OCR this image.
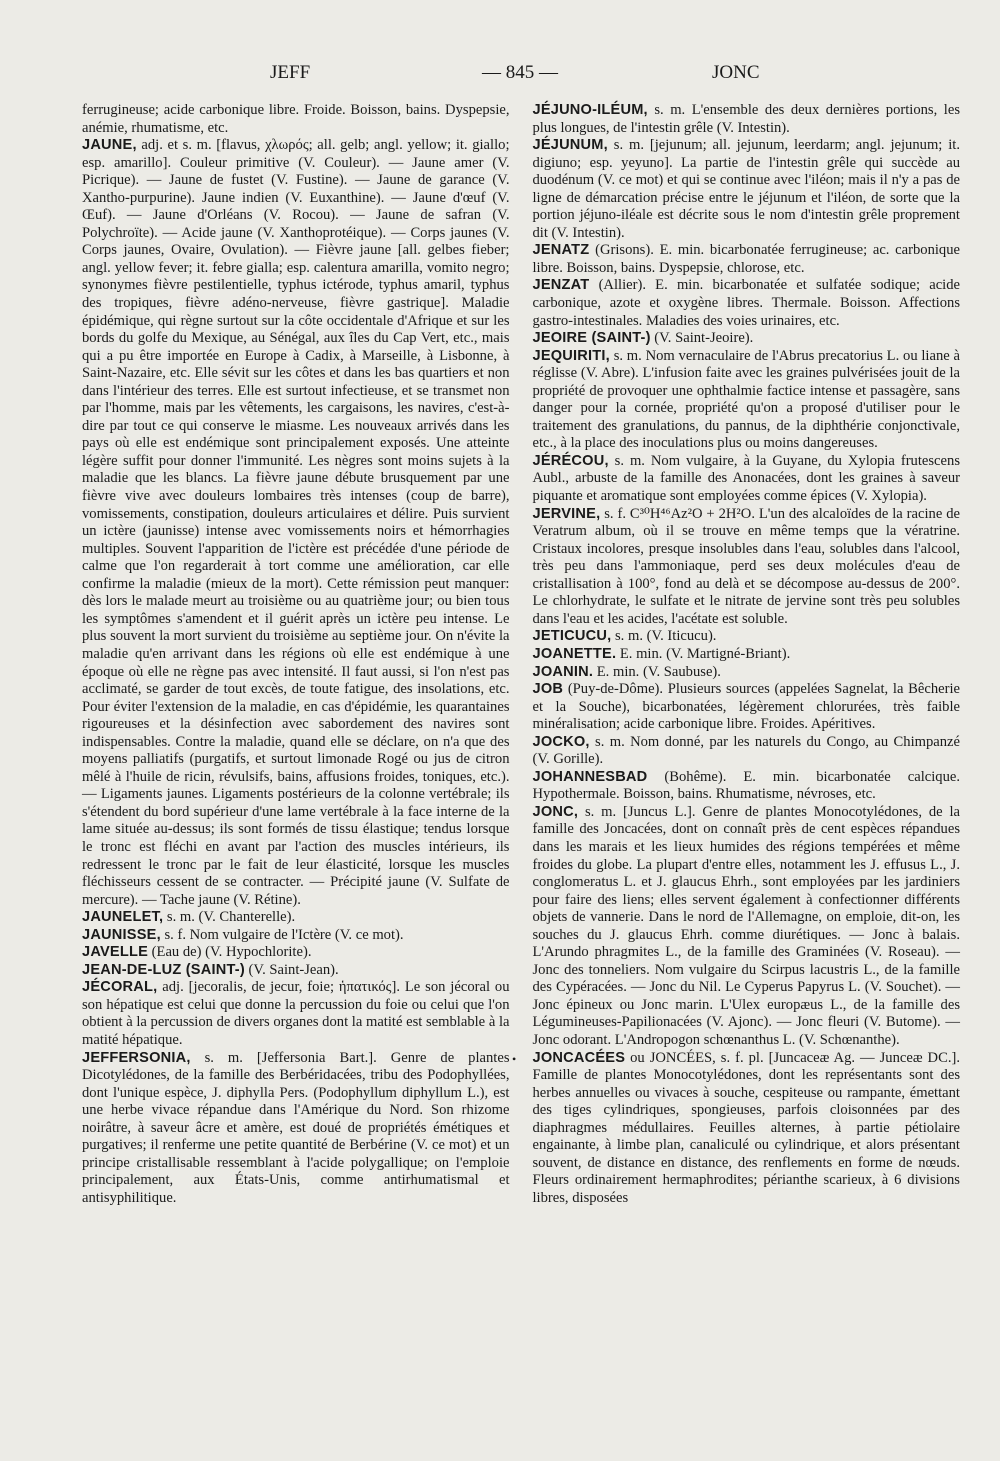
JEFF	— 845 —	JONC

ferrugineuse; acide carbonique libre. Froide. Boisson, bains. Dyspepsie, anémie, rhumatisme, etc.

JAUNE, adj. et s. m. [flavus, χλωρός; all. gelb; angl. yellow; it. giallo; esp. amarillo]. Couleur primitive (V. Couleur). — Jaune amer (V. Picrique). — Jaune de fustet (V. Fustine). — Jaune de garance (V. Xantho-purpurine). Jaune indien (V. Euxanthine). — Jaune d'œuf (V. Œuf). — Jaune d'Orléans (V. Rocou). — Jaune de safran (V. Polychroïte). — Acide jaune (V. Xanthoprotéique). — Corps jaunes (V. Corps jaunes, Ovaire, Ovulation). — Fièvre jaune [all. gelbes fieber; angl. yellow fever; it. febre gialla; esp. calentura amarilla, vomito negro; synonymes fièvre pestilentielle, typhus ictérode, typhus amaril, typhus des tropiques, fièvre adéno-nerveuse, fièvre gastrique]. Maladie épidémique, qui règne surtout sur la côte occidentale d'Afrique et sur les bords du golfe du Mexique, au Sénégal, aux îles du Cap Vert, etc., mais qui a pu être importée en Europe à Cadix, à Marseille, à Lisbonne, à Saint-Nazaire, etc. Elle sévit sur les côtes et dans les bas quartiers et non dans l'intérieur des terres. Elle est surtout infectieuse, et se transmet non par l'homme, mais par les vêtements, les cargaisons, les navires, c'est-à-dire par tout ce qui conserve le miasme. Les nouveaux arrivés dans les pays où elle est endémique sont principalement exposés. Une atteinte légère suffit pour donner l'immunité. Les nègres sont moins sujets à la maladie que les blancs. La fièvre jaune débute brusquement par une fièvre vive avec douleurs lombaires très intenses (coup de barre), vomissements, constipation, douleurs articulaires et délire. Puis survient un ictère (jaunisse) intense avec vomissements noirs et hémorrhagies multiples. Souvent l'apparition de l'ictère est précédée d'une période de calme que l'on regarderait à tort comme une amélioration, car elle confirme la maladie (mieux de la mort). Cette rémission peut manquer: dès lors le malade meurt au troisième ou au quatrième jour; ou bien tous les symptômes s'amendent et il guérit après un ictère peu intense. Le plus souvent la mort survient du troisième au septième jour. On n'évite la maladie qu'en arrivant dans les régions où elle est endémique à une époque où elle ne règne pas avec intensité. Il faut aussi, si l'on n'est pas acclimaté, se garder de tout excès, de toute fatigue, des insolations, etc. Pour éviter l'extension de la maladie, en cas d'épidémie, les quarantaines rigoureuses et la désinfection avec sabordement des navires sont indispensables. Contre la maladie, quand elle se déclare, on n'a que des moyens palliatifs (purgatifs, et surtout limonade Rogé ou jus de citron mêlé à l'huile de ricin, révulsifs, bains, affusions froides, toniques, etc.). — Ligaments jaunes. Ligaments postérieurs de la colonne vertébrale; ils s'étendent du bord supérieur d'une lame vertébrale à la face interne de la lame située au-dessus; ils sont formés de tissu élastique; tendus lorsque le tronc est fléchi en avant par l'action des muscles intérieurs, ils redressent le tronc par le fait de leur élasticité, lorsque les muscles fléchisseurs cessent de se contracter. — Précipité jaune (V. Sulfate de mercure). — Tache jaune (V. Rétine).

JAUNELET, s. m. (V. Chanterelle).

JAUNISSE, s. f. Nom vulgaire de l'Ictère (V. ce mot).

JAVELLE (Eau de) (V. Hypochlorite).

JEAN-DE-LUZ (SAINT-) (V. Saint-Jean).

JÉCORAL, adj. [jecoralis, de jecur, foie; ἡπατικός]. Le son jécoral ou son hépatique est celui que donne la percussion du foie ou celui que l'on obtient à la percussion de divers organes dont la matité est semblable à la matité hépatique.

JEFFERSONIA, s. m. [Jeffersonia Bart.]. Genre de plantes Dicotylédones, de la famille des Berbéridacées, tribu des Podophyllées, dont l'unique espèce, J. diphylla Pers. (Podophyllum diphyllum L.), est une herbe vivace répandue dans l'Amérique du Nord. Son rhizome noirâtre, à saveur âcre et amère, est doué de propriétés émétiques et purgatives; il renferme une petite quantité de Berbérine (V. ce mot) et un principe cristallisable ressemblant à l'acide polygallique; on l'emploie principalement, aux États-Unis, comme antirhumatismal et antisyphilitique.

JÉJUNO-ILÉUM, s. m. L'ensemble des deux dernières portions, les plus longues, de l'intestin grêle (V. Intestin).

JÉJUNUM, s. m. [jejunum; all. jejunum, leerdarm; angl. jejunum; it. digiuno; esp. yeyuno]. La partie de l'intestin grêle qui succède au duodénum (V. ce mot) et qui se continue avec l'iléon; mais il n'y a pas de ligne de démarcation précise entre le jéjunum et l'iléon, de sorte que la portion jéjuno-iléale est décrite sous le nom d'intestin grêle proprement dit (V. Intestin).

JENATZ (Grisons). E. min. bicarbonatée ferrugineuse; ac. carbonique libre. Boisson, bains. Dyspepsie, chlorose, etc.

JENZAT (Allier). E. min. bicarbonatée et sulfatée sodique; acide carbonique, azote et oxygène libres. Thermale. Boisson. Affections gastro-intestinales. Maladies des voies urinaires, etc.

JEOIRE (SAINT-) (V. Saint-Jeoire).

JEQUIRITI, s. m. Nom vernaculaire de l'Abrus precatorius L. ou liane à réglisse (V. Abre). L'infusion faite avec les graines pulvérisées jouit de la propriété de provoquer une ophthalmie factice intense et passagère, sans danger pour la cornée, propriété qu'on a proposé d'utiliser pour le traitement des granulations, du pannus, de la diphthérie conjonctivale, etc., à la place des inoculations plus ou moins dangereuses.

JÉRÉCOU, s. m. Nom vulgaire, à la Guyane, du Xylopia frutescens Aubl., arbuste de la famille des Anonacées, dont les graines à saveur piquante et aromatique sont employées comme épices (V. Xylopia).

JERVINE, s. f. C³⁰H⁴⁶Az²O + 2H²O. L'un des alcaloïdes de la racine de Veratrum album, où il se trouve en même temps que la vératrine. Cristaux incolores, presque insolubles dans l'eau, solubles dans l'alcool, très peu dans l'ammoniaque, perd ses deux molécules d'eau de cristallisation à 100°, fond au delà et se décompose au-dessus de 200°. Le chlorhydrate, le sulfate et le nitrate de jervine sont très peu solubles dans l'eau et les acides, l'acétate est soluble.

JETICUCU, s. m. (V. Iticucu).

JOANETTE. E. min. (V. Martigné-Briant).

JOANIN. E. min. (V. Saubuse).

JOB (Puy-de-Dôme). Plusieurs sources (appelées Sagnelat, la Bêcherie et la Souche), bicarbonatées, légèrement chlorurées, très faible minéralisation; acide carbonique libre. Froides. Apéritives.

JOCKO, s. m. Nom donné, par les naturels du Congo, au Chimpanzé (V. Gorille).

JOHANNESBAD (Bohême). E. min. bicarbonatée calcique. Hypothermale. Boisson, bains. Rhumatisme, névroses, etc.

JONC, s. m. [Juncus L.]. Genre de plantes Monocotylédones, de la famille des Joncacées, dont on connaît près de cent espèces répandues dans les marais et les lieux humides des régions tempérées et même froides du globe. La plupart d'entre elles, notamment les J. effusus L., J. conglomeratus L. et J. glaucus Ehrh., sont employées par les jardiniers pour faire des liens; elles servent également à confectionner différents objets de vannerie. Dans le nord de l'Allemagne, on emploie, dit-on, les souches du J. glaucus Ehrh. comme diurétiques. — Jonc à balais. L'Arundo phragmites L., de la famille des Graminées (V. Roseau). — Jonc des tonneliers. Nom vulgaire du Scirpus lacustris L., de la famille des Cypéracées. — Jonc du Nil. Le Cyperus Papyrus L. (V. Souchet). — Jonc épineux ou Jonc marin. L'Ulex europæus L., de la famille des Légumineuses-Papilionacées (V. Ajonc). — Jonc fleuri (V. Butome). — Jonc odorant. L'Andropogon schœnanthus L. (V. Schœnanthe).

JONCACÉES ou JONCÉES, s. f. pl. [Juncaceæ Ag. — Junceæ DC.]. Famille de plantes Monocotylédones, dont les représentants sont des herbes annuelles ou vivaces à souche, cespiteuse ou rampante, émettant des tiges cylindriques, spongieuses, parfois cloisonnées par des diaphragmes médullaires. Feuilles alternes, à partie pétiolaire engainante, à limbe plan, canaliculé ou cylindrique, et alors présentant souvent, de distance en distance, des renflements en forme de nœuds. Fleurs ordinairement hermaphrodites; périanthe scarieux, à 6 divisions libres, disposées

•
